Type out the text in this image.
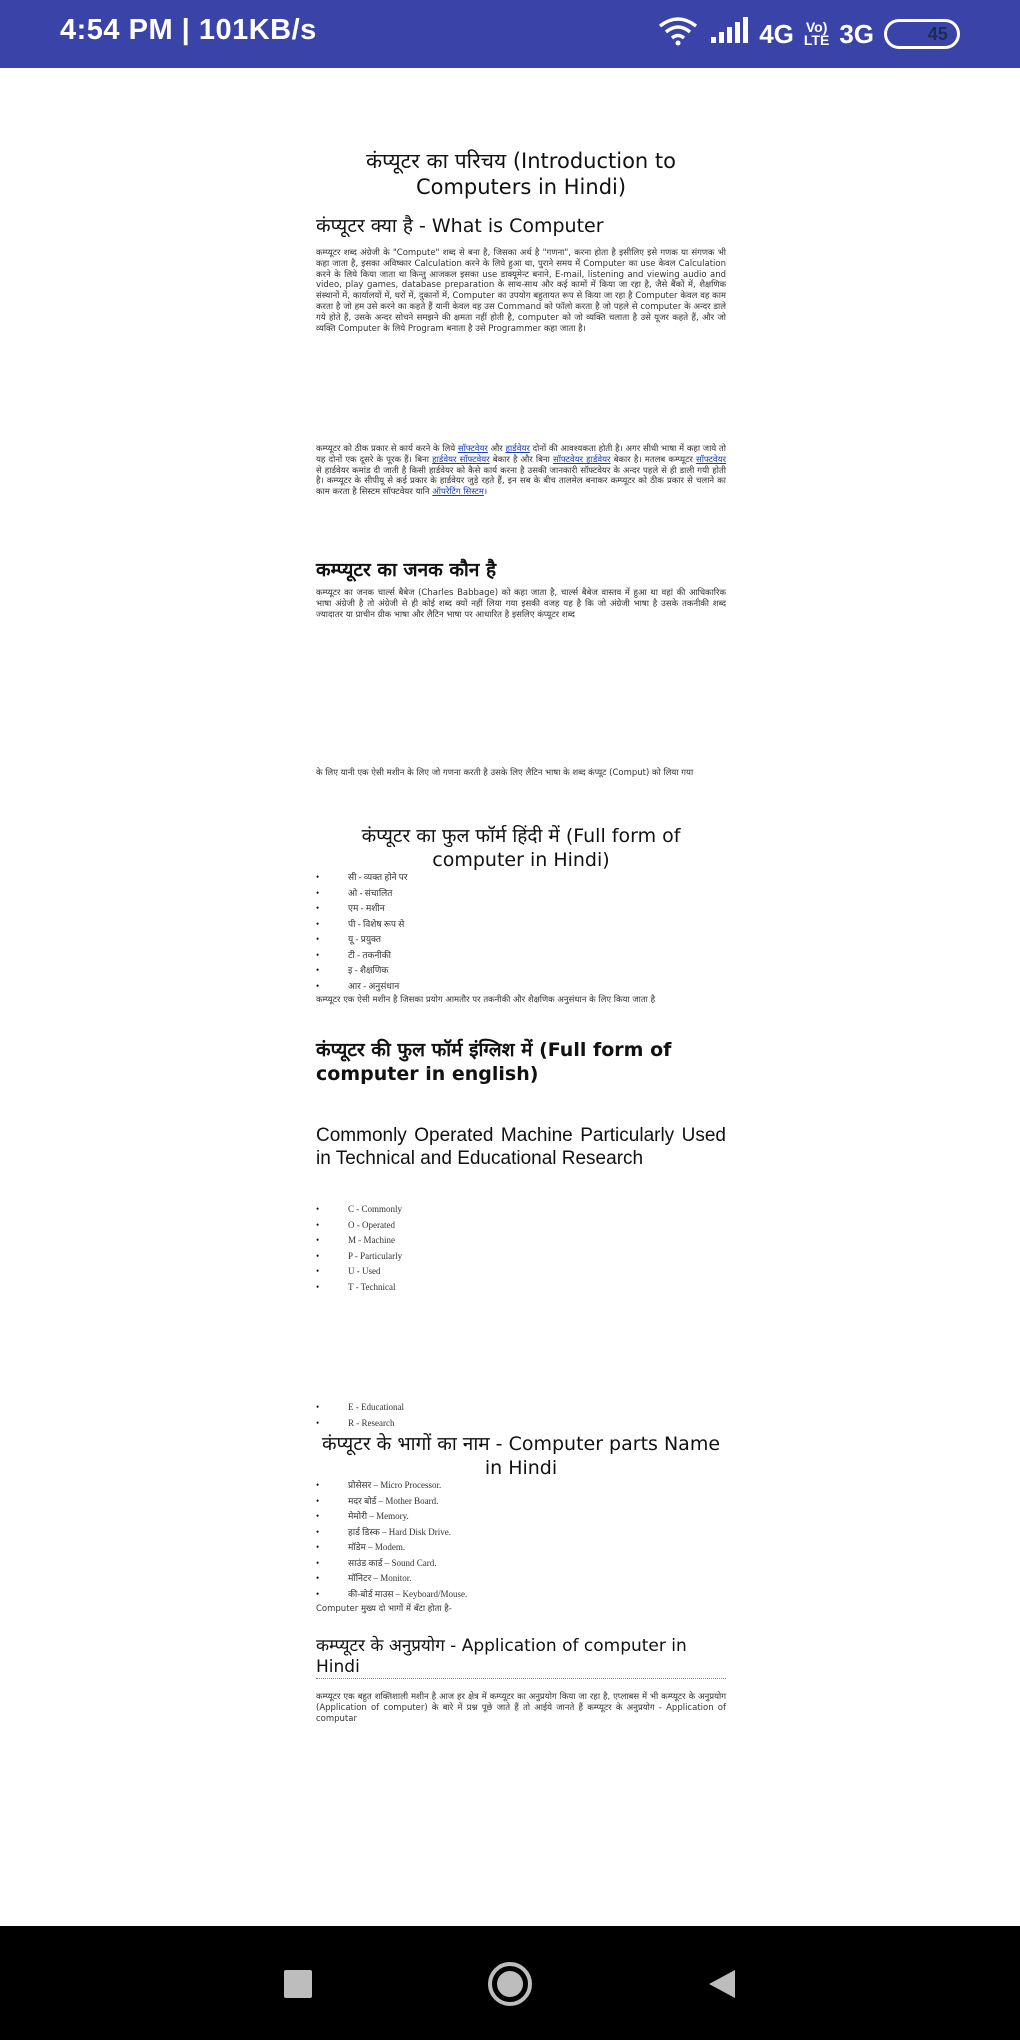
4:54 PM | 101KB/s	4G Vo)
LTE 3G	45
कंप्यूटर का परिचय (Introduction to Computers in Hindi)
कंप्यूटर क्या है - What is Computer

कम्प्यूटर शब्द अंग्रेजी के "Compute" शब्द से बना है, जिसका अर्थ है "गणना", करना होता है इसीलिए इसे गणक या संगणक भी कहा जाता है, इसका अविष्कार Calculation करने के लिये हुआ था, पुराने समय में Computer का use केवल Calculation करने के लिये किया जाता था किन्तु आजकल इसका use डाक्यूमेन्ट बनाने, E-mail, listening and viewing audio and video, play games, database preparation के साथ-साथ और कई कामों में किया जा रहा है, जैसे बैंकों में, शैक्षणिक संस्थानों में, कार्यालयों में, घरों में, दुकानों में, Computer का उपयोग बहुतायत रूप से किया जा रहा है Computer केवल वह काम करता है जो हम उसे करने का कहते हैं यानी केवल वह उस Command को फॉलो करता है जो पहले से computer के अन्दर डाले गये होते हैं, उसके अन्दर सोचने समझने की क्षमता नहीं होती है, computer को जो व्यक्ति चलाता है उसे यूजर कहते हैं, और जो व्यक्ति Computer के लिये Program बनाता है उसे Programmer कहा जाता है।

कम्प्यूटर को ठीक प्रकार से कार्य करने के लिये सॉफ्टवेयर और हार्डवेयर दोनों की आवश्यकता होती है। अगर सीधी भाषा में कहा जाये तो यह दोनों एक दूसरे के पूरक हैं। बिना हार्डवेयर सॉफ्टवेयर बेकार है और बिना सॉफ्टवेयर हार्डवेयर बेकार है। मतलब कम्प्यूटर सॉफ्टवेयर से हार्डवेयर कमांड दी जाती है किसी हार्डवेयर को कैसे कार्य करना है उसकी जानकारी सॉफ्टवेयर के अन्दर पहले से ही डाली गयी होती है। कम्प्यूटर के सीपीयू से कई प्रकार के हार्डवेयर जुड़े रहते हैं, इन सब के बीच तालमेल बनाकर कम्प्यूटर को ठीक प्रकार से चलाने का काम करता है सिस्टम सॉफ्टवेयर यानि ऑपरेटिंग सिस्टम।

कम्प्यूटर का जनक कौन है

कम्प्यूटर का जनक चार्ल्स बैबेज (Charles Babbage) को कहा जाता है, चार्ल्स बैबेज वास्तव में हुआ था वहां की आधिकारिक भाषा अंग्रेजी है तो अंग्रेजी से ही कोई शब्द क्यों नहीं लिया गया इसकी वजह यह है कि जो अंग्रेजी भाषा है उसके तकनीकी शब्द ज्यादातर या प्राचीन ग्रीक भाषा और लैटिन भाषा पर आधारित है इसलिए कंप्यूटर शब्द

के लिए यानी एक ऐसी मशीन के लिए जो गणना करती है उसके लिए लैटिन भाषा के शब्द कंप्यूट (Comput) को लिया गया

कंप्यूटर का फुल फॉर्म हिंदी में (Full form of computer in Hindi)
• सी - व्यक्त होने पर
• ओ - संचालित
• एम - मशीन
• पी - विशेष रूप से
• यू - प्रयुक्त
• टी - तकनीकी
• इ - शैक्षणिक
• आर - अनुसंधान

कम्प्यूटर एक ऐसी मशीन है जिसका प्रयोग आमतौर पर तकनीकी और शैक्षणिक अनुसंधान के लिए किया जाता है

कंप्यूटर की फुल फॉर्म इंग्लिश में (Full form of computer in english)

Commonly Operated Machine Particularly Used in Technical and Educational Research

• C - Commonly
• O - Operated
• M - Machine
• P - Particularly
• U - Used
• T - Technical
• E - Educational
• R - Research
कंप्यूटर के भागों का नाम - Computer parts Name in Hindi
• प्रोसेसर – Micro Processor.
• मदर बोर्ड – Mother Board.
• मेमोरी – Memory.
• हार्ड डिस्क – Hard Disk Drive.
• मॉडेम – Modem.
• साउंड कार्ड – Sound Card.
• मॉनिटर – Monitor.
• की-बोर्ड माउस – Keyboard/Mouse.

Computer मुख्य दो भागों में बँटा होता है-

कम्प्यूटर के अनुप्रयोग - Application of computer in Hindi

कम्प्यूटर एक बहुत शक्तिशाली मशीन है आज हर क्षेत्र में कम्प्यूटर का अनुप्रयोग किया जा रहा है, एप्लाबस में भी कम्प्यूटर के अनुप्रयोग (Application of computer) के बारे में प्रश्न पूछे जाते हैं तो आईये जानते हैं कम्प्यूटर के अनुप्रयोग - Application of computar
